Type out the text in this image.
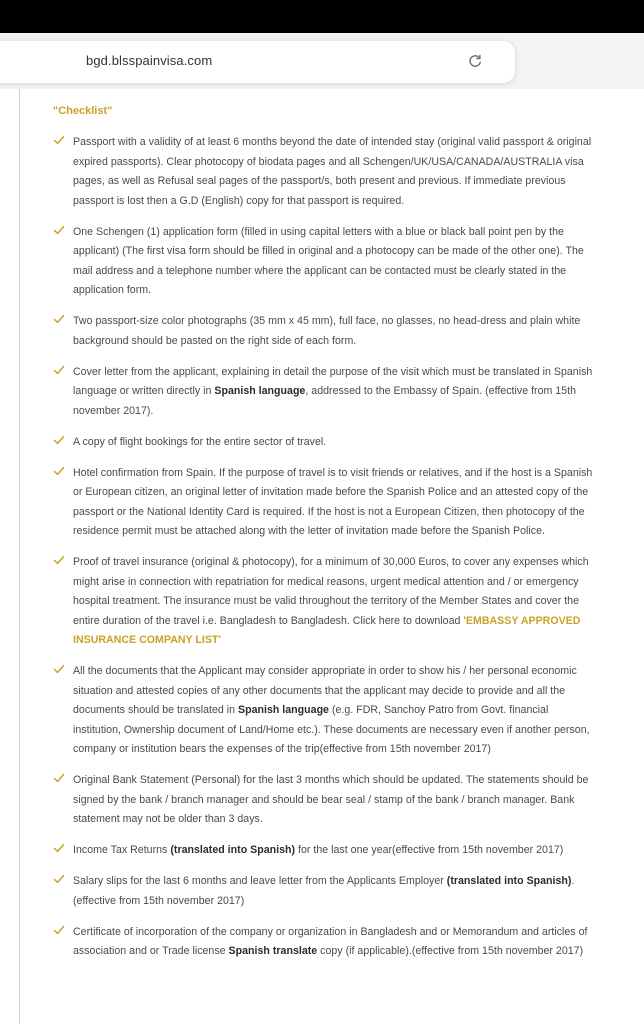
bgd.blsspainvisa.com
"Checklist"
Passport with a validity of at least 6 months beyond the date of intended stay (original valid passport & original expired passports). Clear photocopy of biodata pages and all Schengen/UK/USA/CANADA/AUSTRALIA visa pages, as well as Refusal seal pages of the passport/s, both present and previous. If immediate previous passport is lost then a G.D (English) copy for that passport is required.
One Schengen (1) application form (filled in using capital letters with a blue or black ball point pen by the applicant) (The first visa form should be filled in original and a photocopy can be made of the other one). The mail address and a telephone number where the applicant can be contacted must be clearly stated in the application form.
Two passport-size color photographs (35 mm x 45 mm), full face, no glasses, no head-dress and plain white background should be pasted on the right side of each form.
Cover letter from the applicant, explaining in detail the purpose of the visit which must be translated in Spanish language or written directly in Spanish language, addressed to the Embassy of Spain. (effective from 15th november 2017).
A copy of flight bookings for the entire sector of travel.
Hotel confirmation from Spain. If the purpose of travel is to visit friends or relatives, and if the host is a Spanish or European citizen, an original letter of invitation made before the Spanish Police and an attested copy of the passport or the National Identity Card is required. If the host is not a European Citizen, then photocopy of the residence permit must be attached along with the letter of invitation made before the Spanish Police.
Proof of travel insurance (original & photocopy), for a minimum of 30,000 Euros, to cover any expenses which might arise in connection with repatriation for medical reasons, urgent medical attention and / or emergency hospital treatment. The insurance must be valid throughout the territory of the Member States and cover the entire duration of the travel i.e. Bangladesh to Bangladesh. Click here to download 'EMBASSY APPROVED INSURANCE COMPANY LIST'
All the documents that the Applicant may consider appropriate in order to show his / her personal economic situation and attested copies of any other documents that the applicant may decide to provide and all the documents should be translated in Spanish language (e.g. FDR, Sanchoy Patro from Govt. financial institution, Ownership document of Land/Home etc.). These documents are necessary even if another person, company or institution bears the expenses of the trip(effective from 15th november 2017)
Original Bank Statement (Personal) for the last 3 months which should be updated. The statements should be signed by the bank / branch manager and should be bear seal / stamp of the bank / branch manager. Bank statement may not be older than 3 days.
Income Tax Returns (translated into Spanish) for the last one year(effective from 15th november 2017)
Salary slips for the last 6 months and leave letter from the Applicants Employer (translated into Spanish).(effective from 15th november 2017)
Certificate of incorporation of the company or organization in Bangladesh and or Memorandum and articles of association and or Trade license Spanish translate copy (if applicable).(effective from 15th november 2017)
